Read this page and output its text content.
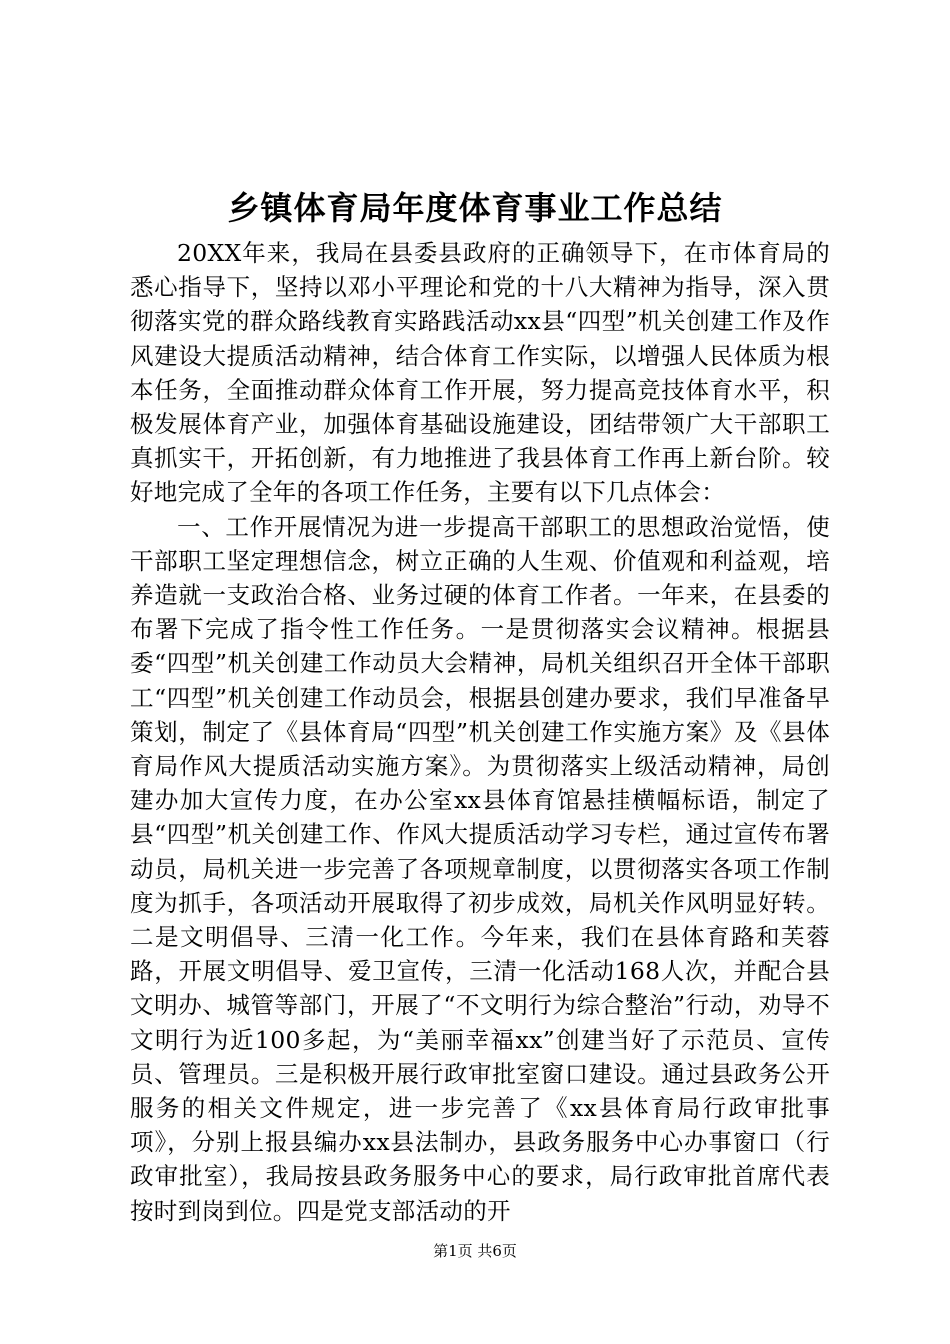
乡镇体育局年度体育事业工作总结

20XX年来，我局在县委县政府的正确领导下，在市体育局的悉心指导下，坚持以邓小平理论和党的十八大精神为指导，深入贯彻落实党的群众路线教育实路践活动xx县“四型”机关创建工作及作风建设大提质活动精神，结合体育工作实际，以增强人民体质为根本任务，全面推动群众体育工作开展，努力提高竞技体育水平，积极发展体育产业，加强体育基础设施建设，团结带领广大干部职工真抓实干，开拓创新，有力地推进了我县体育工作再上新台阶。较好地完成了全年的各项工作任务，主要有以下几点体会：

一、工作开展情况为进一步提高干部职工的思想政治觉悟，使干部职工坚定理想信念，树立正确的人生观、价值观和利益观，培养造就一支政治合格、业务过硬的体育工作者。一年来，在县委的布署下完成了指令性工作任务。一是贯彻落实会议精神。根据县委“四型”机关创建工作动员大会精神，局机关组织召开全体干部职工“四型”机关创建工作动员会，根据县创建办要求，我们早准备早策划，制定了《县体育局“四型”机关创建工作实施方案》及《县体育局作风大提质活动实施方案》。为贯彻落实上级活动精神，局创建办加大宣传力度，在办公室xx县体育馆悬挂横幅标语，制定了县“四型”机关创建工作、作风大提质活动学习专栏，通过宣传布署动员，局机关进一步完善了各项规章制度，以贯彻落实各项工作制度为抓手，各项活动开展取得了初步成效，局机关作风明显好转。二是文明倡导、三清一化工作。今年来，我们在县体育路和芙蓉路，开展文明倡导、爱卫宣传，三清一化活动168人次，并配合县文明办、城管等部门，开展了“不文明行为综合整治”行动，劝导不文明行为近100多起，为“美丽幸福xx”创建当好了示范员、宣传员、管理员。三是积极开展行政审批室窗口建设。通过县政务公开服务的相关文件规定，进一步完善了《xx县体育局行政审批事项》，分别上报县编办xx县法制办，县政务服务中心办事窗口（行政审批室），我局按县政务服务中心的要求，局行政审批首席代表按时到岗到位。四是党支部活动的开

第1页 共6页
